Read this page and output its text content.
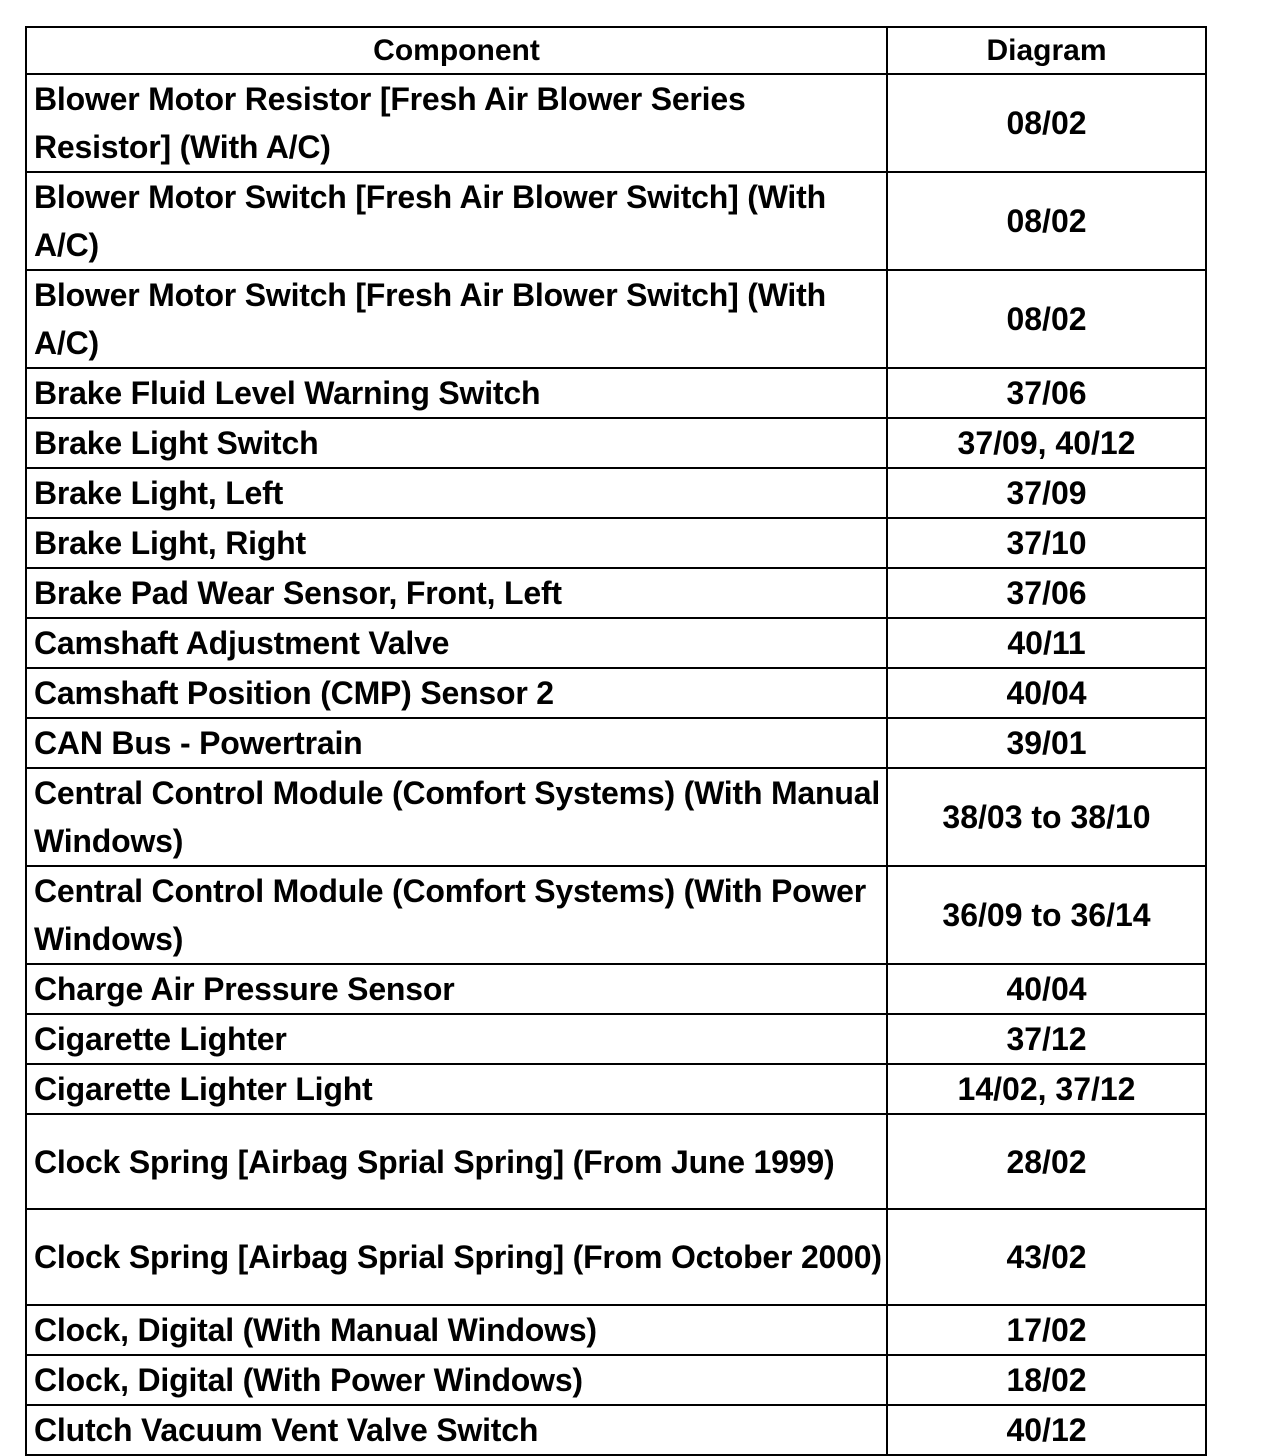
Component	Diagram
Blower Motor Resistor [Fresh Air Blower Series Resistor] (With A/C)	08/02
Blower Motor Switch [Fresh Air Blower Switch] (With A/C)	08/02
Blower Motor Switch [Fresh Air Blower Switch] (With A/C)	08/02
Brake Fluid Level Warning Switch	37/06
Brake Light Switch	37/09, 40/12
Brake Light, Left	37/09
Brake Light, Right	37/10
Brake Pad Wear Sensor, Front, Left	37/06
Camshaft Adjustment Valve	40/11
Camshaft Position (CMP) Sensor 2	40/04
CAN Bus - Powertrain	39/01
Central Control Module (Comfort Systems) (With Manual Windows)	38/03 to 38/10
Central Control Module (Comfort Systems) (With Power Windows)	36/09 to 36/14
Charge Air Pressure Sensor	40/04
Cigarette Lighter	37/12
Cigarette Lighter Light	14/02, 37/12
Clock Spring [Airbag Sprial Spring] (From June 1999)	28/02
Clock Spring [Airbag Sprial Spring] (From October 2000)	43/02
Clock, Digital (With Manual Windows)	17/02
Clock, Digital (With Power Windows)	18/02
Clutch Vacuum Vent Valve Switch	40/12
